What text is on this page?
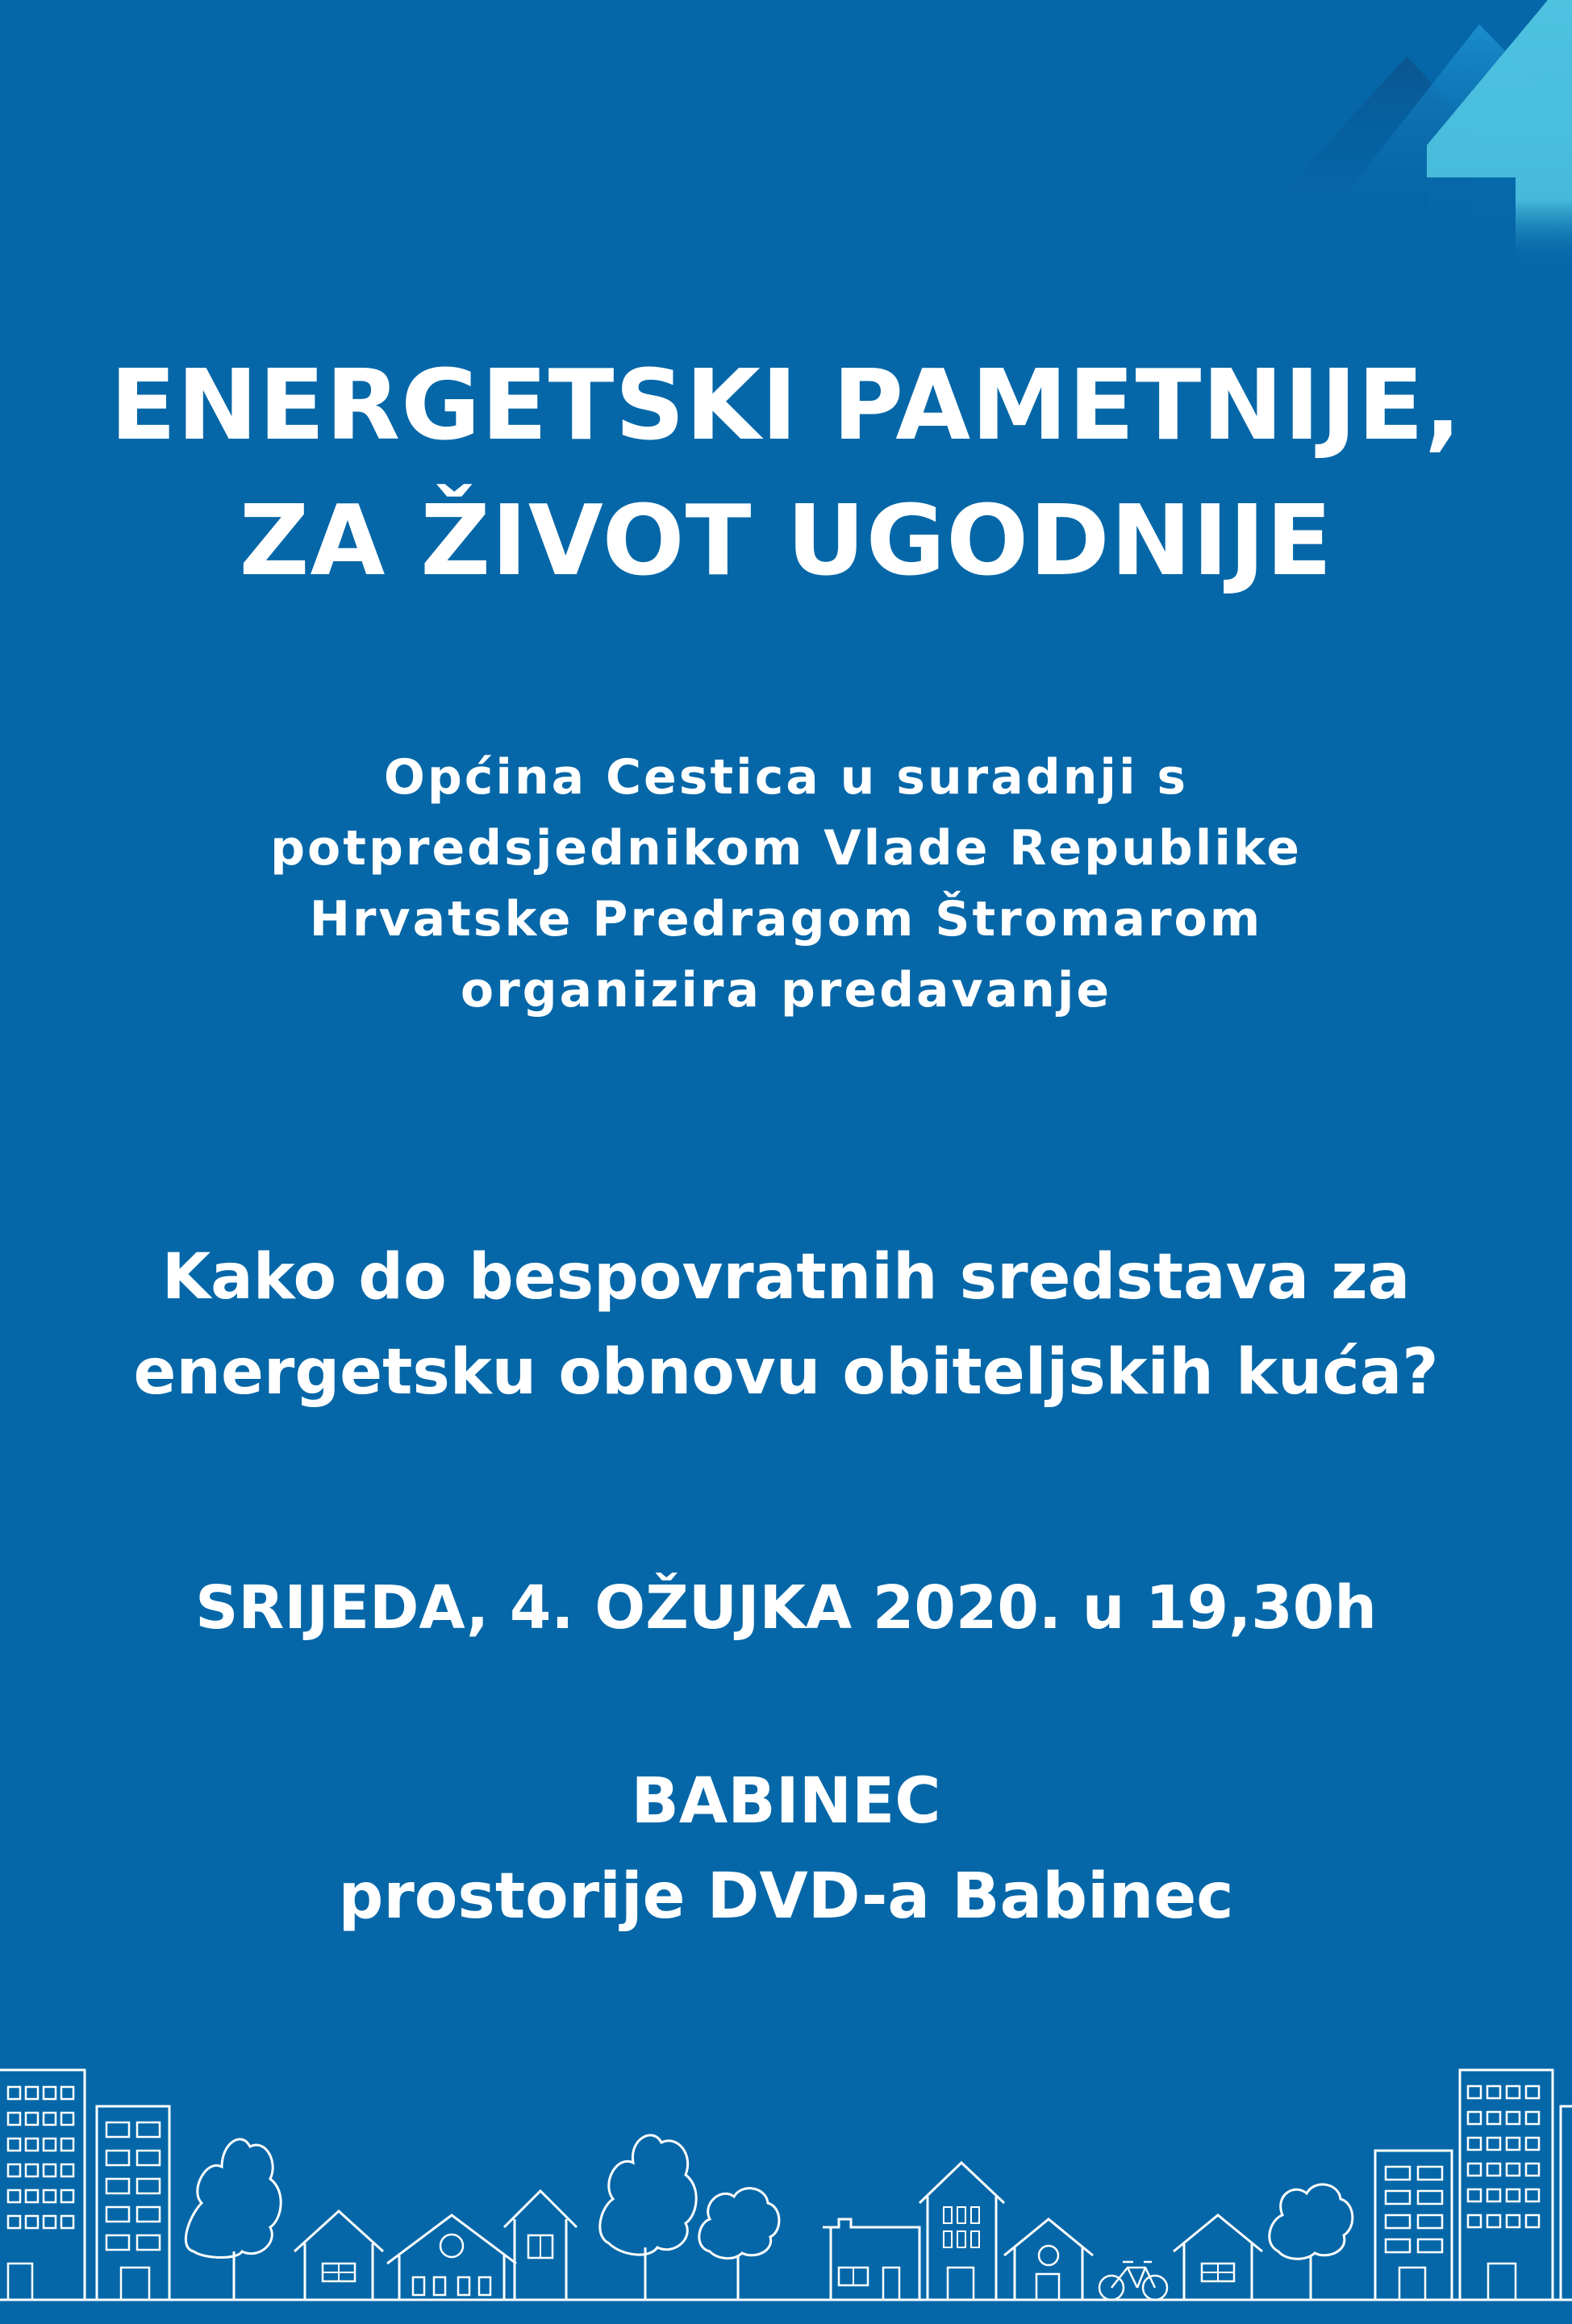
ENERGETSKI PAMETNIJE,
ZA ŽIVOT UGODNIJE
Općina Cestica u suradnji s
potpredsjednikom Vlade Republike
Hrvatske Predragom Štromarom
organizira predavanje
Kako do bespovratnih sredstava za
energetsku obnovu obiteljskih kuća?
SRIJEDA, 4. OŽUJKA 2020. u 19,30h
BABINEC
prostorije DVD-a Babinec
